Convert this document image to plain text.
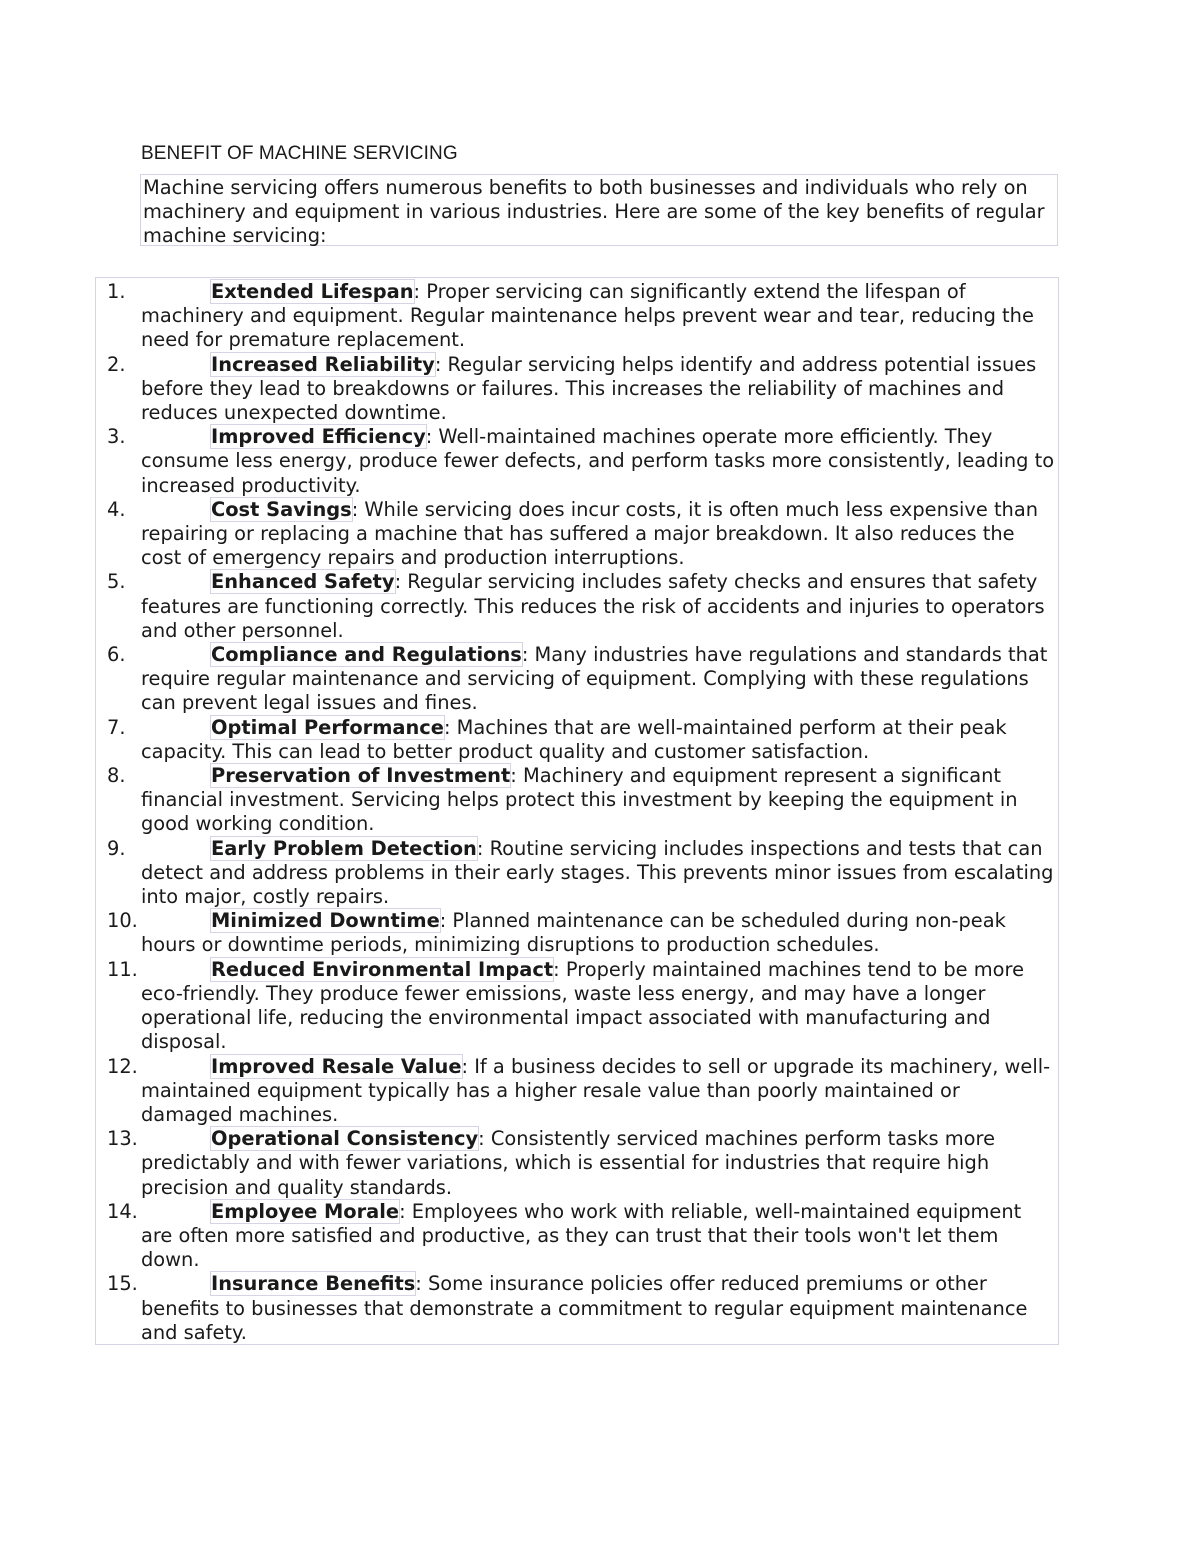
BENEFIT OF MACHINE SERVICING
Machine servicing offers numerous benefits to both businesses and individuals who rely on machinery and equipment in various industries. Here are some of the key benefits of regular machine servicing:
1.	Extended Lifespan: Proper servicing can significantly extend the lifespan of machinery and equipment. Regular maintenance helps prevent wear and tear, reducing the need for premature replacement.
2.	Increased Reliability: Regular servicing helps identify and address potential issues before they lead to breakdowns or failures. This increases the reliability of machines and reduces unexpected downtime.
3.	Improved Efficiency: Well-maintained machines operate more efficiently. They consume less energy, produce fewer defects, and perform tasks more consistently, leading to increased productivity.
4.	Cost Savings: While servicing does incur costs, it is often much less expensive than repairing or replacing a machine that has suffered a major breakdown. It also reduces the cost of emergency repairs and production interruptions.
5.	Enhanced Safety: Regular servicing includes safety checks and ensures that safety features are functioning correctly. This reduces the risk of accidents and injuries to operators and other personnel.
6.	Compliance and Regulations: Many industries have regulations and standards that require regular maintenance and servicing of equipment. Complying with these regulations can prevent legal issues and fines.
7.	Optimal Performance: Machines that are well-maintained perform at their peak capacity. This can lead to better product quality and customer satisfaction.
8.	Preservation of Investment: Machinery and equipment represent a significant financial investment. Servicing helps protect this investment by keeping the equipment in good working condition.
9.	Early Problem Detection: Routine servicing includes inspections and tests that can detect and address problems in their early stages. This prevents minor issues from escalating into major, costly repairs.
10.	Minimized Downtime: Planned maintenance can be scheduled during non-peak hours or downtime periods, minimizing disruptions to production schedules.
11.	Reduced Environmental Impact: Properly maintained machines tend to be more eco-friendly. They produce fewer emissions, waste less energy, and may have a longer operational life, reducing the environmental impact associated with manufacturing and disposal.
12.	Improved Resale Value: If a business decides to sell or upgrade its machinery, well-maintained equipment typically has a higher resale value than poorly maintained or damaged machines.
13.	Operational Consistency: Consistently serviced machines perform tasks more predictably and with fewer variations, which is essential for industries that require high precision and quality standards.
14.	Employee Morale: Employees who work with reliable, well-maintained equipment are often more satisfied and productive, as they can trust that their tools won't let them down.
15.	Insurance Benefits: Some insurance policies offer reduced premiums or other benefits to businesses that demonstrate a commitment to regular equipment maintenance and safety.
